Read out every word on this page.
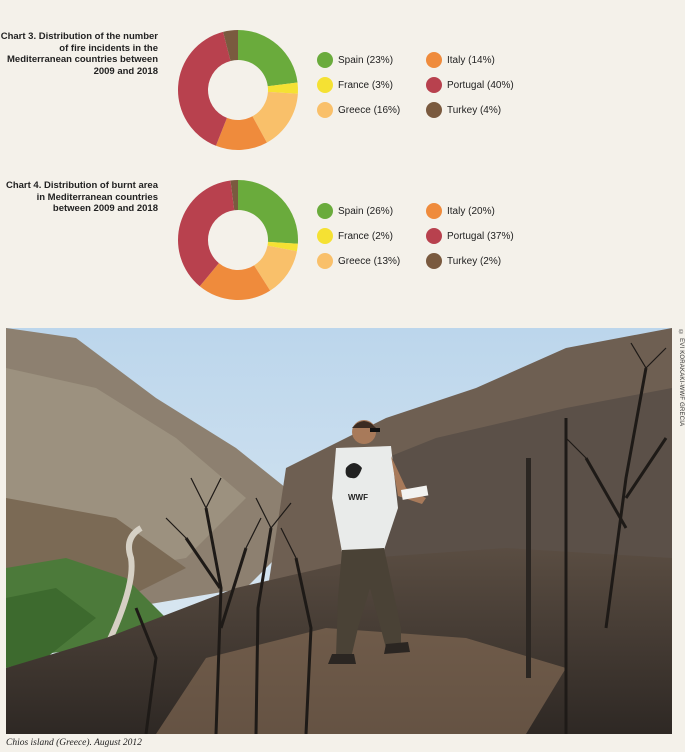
Chart 3. Distribution of the number of fire incidents in the Mediterranean countries between 2009 and 2018
Spain (23%)
France (3%)
Greece (16%)
Italy (14%)
Portugal (40%)
Turkey (4%)
Chart 4. Distribution of burnt area in Mediterranean countries between 2009 and 2018	Spain (26%)
France (2%)
Greece (13%)
Italy (20%)
Portugal (37%)
Turkey (2%)
WWF
© EVI KORAKAKI-WWF GRECIA
Chios island (Greece). August 2012
